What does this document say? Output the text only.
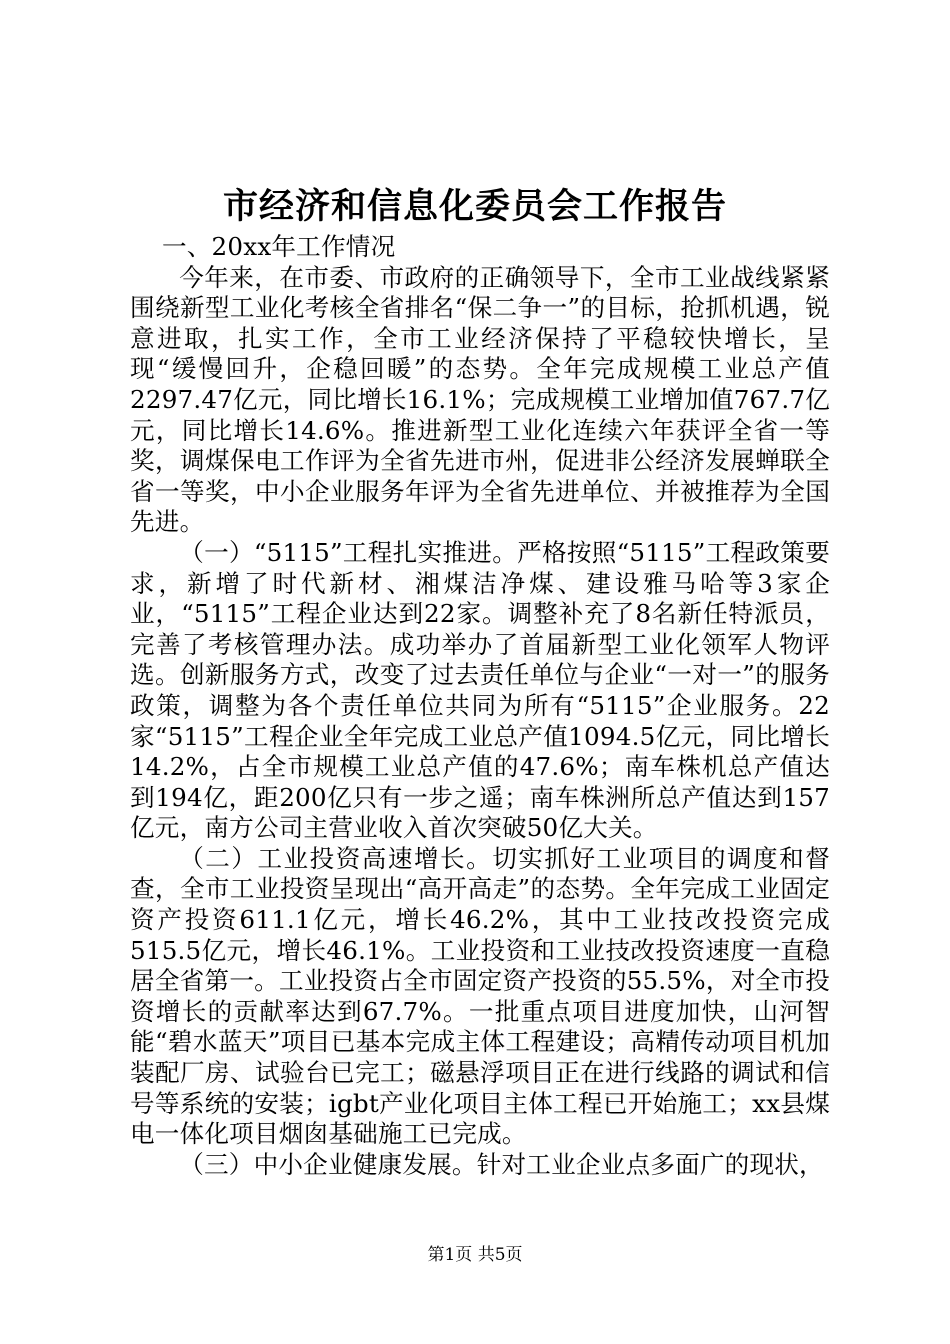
市经济和信息化委员会工作报告

一、20xx年工作情况

今年来，在市委、市政府的正确领导下，全市工业战线紧紧围绕新型工业化考核全省排名“保二争一”的目标，抢抓机遇，锐意进取，扎实工作，全市工业经济保持了平稳较快增长，呈现“缓慢回升，企稳回暖”的态势。全年完成规模工业总产值2297.47亿元，同比增长16.1%；完成规模工业增加值767.7亿元，同比增长14.6%。推进新型工业化连续六年获评全省一等奖，调煤保电工作评为全省先进市州，促进非公经济发展蝉联全省一等奖，中小企业服务年评为全省先进单位、并被推荐为全国先进。

（一）“5115”工程扎实推进。严格按照“5115”工程政策要求，新增了时代新材、湘煤洁净煤、建设雅马哈等3家企业，“5115”工程企业达到22家。调整补充了8名新任特派员，完善了考核管理办法。成功举办了首届新型工业化领军人物评选。创新服务方式，改变了过去责任单位与企业“一对一”的服务政策，调整为各个责任单位共同为所有“5115”企业服务。22家“5115”工程企业全年完成工业总产值1094.5亿元，同比增长14.2%，占全市规模工业总产值的47.6%；南车株机总产值达到194亿，距200亿只有一步之遥；南车株洲所总产值达到157亿元，南方公司主营业收入首次突破50亿大关。

（二）工业投资高速增长。切实抓好工业项目的调度和督查，全市工业投资呈现出“高开高走”的态势。全年完成工业固定资产投资611.1亿元，增长46.2%，其中工业技改投资完成515.5亿元，增长46.1%。工业投资和工业技改投资速度一直稳居全省第一。工业投资占全市固定资产投资的55.5%，对全市投资增长的贡献率达到67.7%。一批重点项目进度加快，山河智能“碧水蓝天”项目已基本完成主体工程建设；高精传动项目机加装配厂房、试验台已完工；磁悬浮项目正在进行线路的调试和信号等系统的安装；igbt产业化项目主体工程已开始施工；xx县煤电一体化项目烟囱基础施工已完成。

（三）中小企业健康发展。针对工业企业点多面广的现状，

第1页 共5页
